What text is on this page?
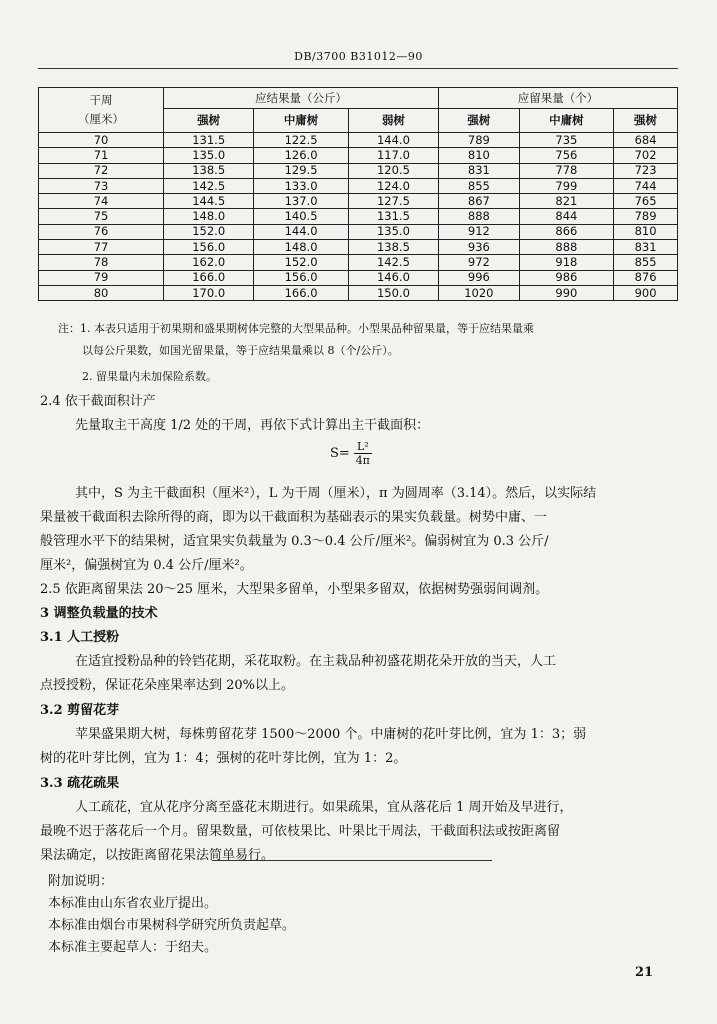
DB/3700 B31012—90
干周
（厘米）	应结果量（公斤）			应留果量（个）		
	强树	中庸树	弱树	强树	中庸树	强树
70	131.5	122.5	144.0	789	735	684
71	135.0	126.0	117.0	810	756	702
72	138.5	129.5	120.5	831	778	723
73	142.5	133.0	124.0	855	799	744
74	144.5	137.0	127.5	867	821	765
75	148.0	140.5	131.5	888	844	789
76	152.0	144.0	135.0	912	866	810
77	156.0	148.0	138.5	936	888	831
78	162.0	152.0	142.5	972	918	855
79	166.0	156.0	146.0	996	986	876
80	170.0	166.0	150.0	1020	990	900
注：1. 本表只适用于初果期和盛果期树体完整的大型果品种。小型果品种留果量，等于应结果量乘
以每公斤果数，如国光留果量，等于应结果量乘以 8（个/公斤）。
2. 留果量内未加保险系数。
2.4 依干截面积计产
先量取主干高度 1/2 处的干周，再依下式计算出主干截面积：
$S= \frac{\text{L²}}{4\pi}$
其中，S 为主干截面积（厘米²），L 为干周（厘米），π 为圆周率（3.14）。然后，以实际结
果量被干截面积去除所得的商，即为以干截面积为基础表示的果实负载量。树势中庸、一
般管理水平下的结果树，适宜果实负载量为 0.3～0.4 公斤/厘米²。偏弱树宜为 0.3 公斤/
厘米²，偏强树宜为 0.4 公斤/厘米²。
2.5 依距离留果法 20～25 厘米，大型果多留单，小型果多留双，依据树势强弱间调剂。
3 调整负载量的技术
3.1 人工授粉
在适宜授粉品种的铃铛花期，采花取粉。在主栽品种初盛花期花朵开放的当天，人工
点授授粉，保证花朵座果率达到 20%以上。
3.2 剪留花芽
苹果盛果期大树，每株剪留花芽 1500～2000 个。中庸树的花叶芽比例，宜为 1：3；弱
树的花叶芽比例，宜为 1：4；强树的花叶芽比例，宜为 1：2。
3.3 疏花疏果
人工疏花，宜从花序分离至盛花末期进行。如果疏果，宜从落花后 1 周开始及早进行，
最晚不迟于落花后一个月。留果数量，可依枝果比、叶果比干周法，干截面积法或按距离留
果法确定，以按距离留花果法简单易行。
附加说明：
本标准由山东省农业厅提出。
本标准由烟台市果树科学研究所负责起草。
本标准主要起草人：于绍夫。
21
